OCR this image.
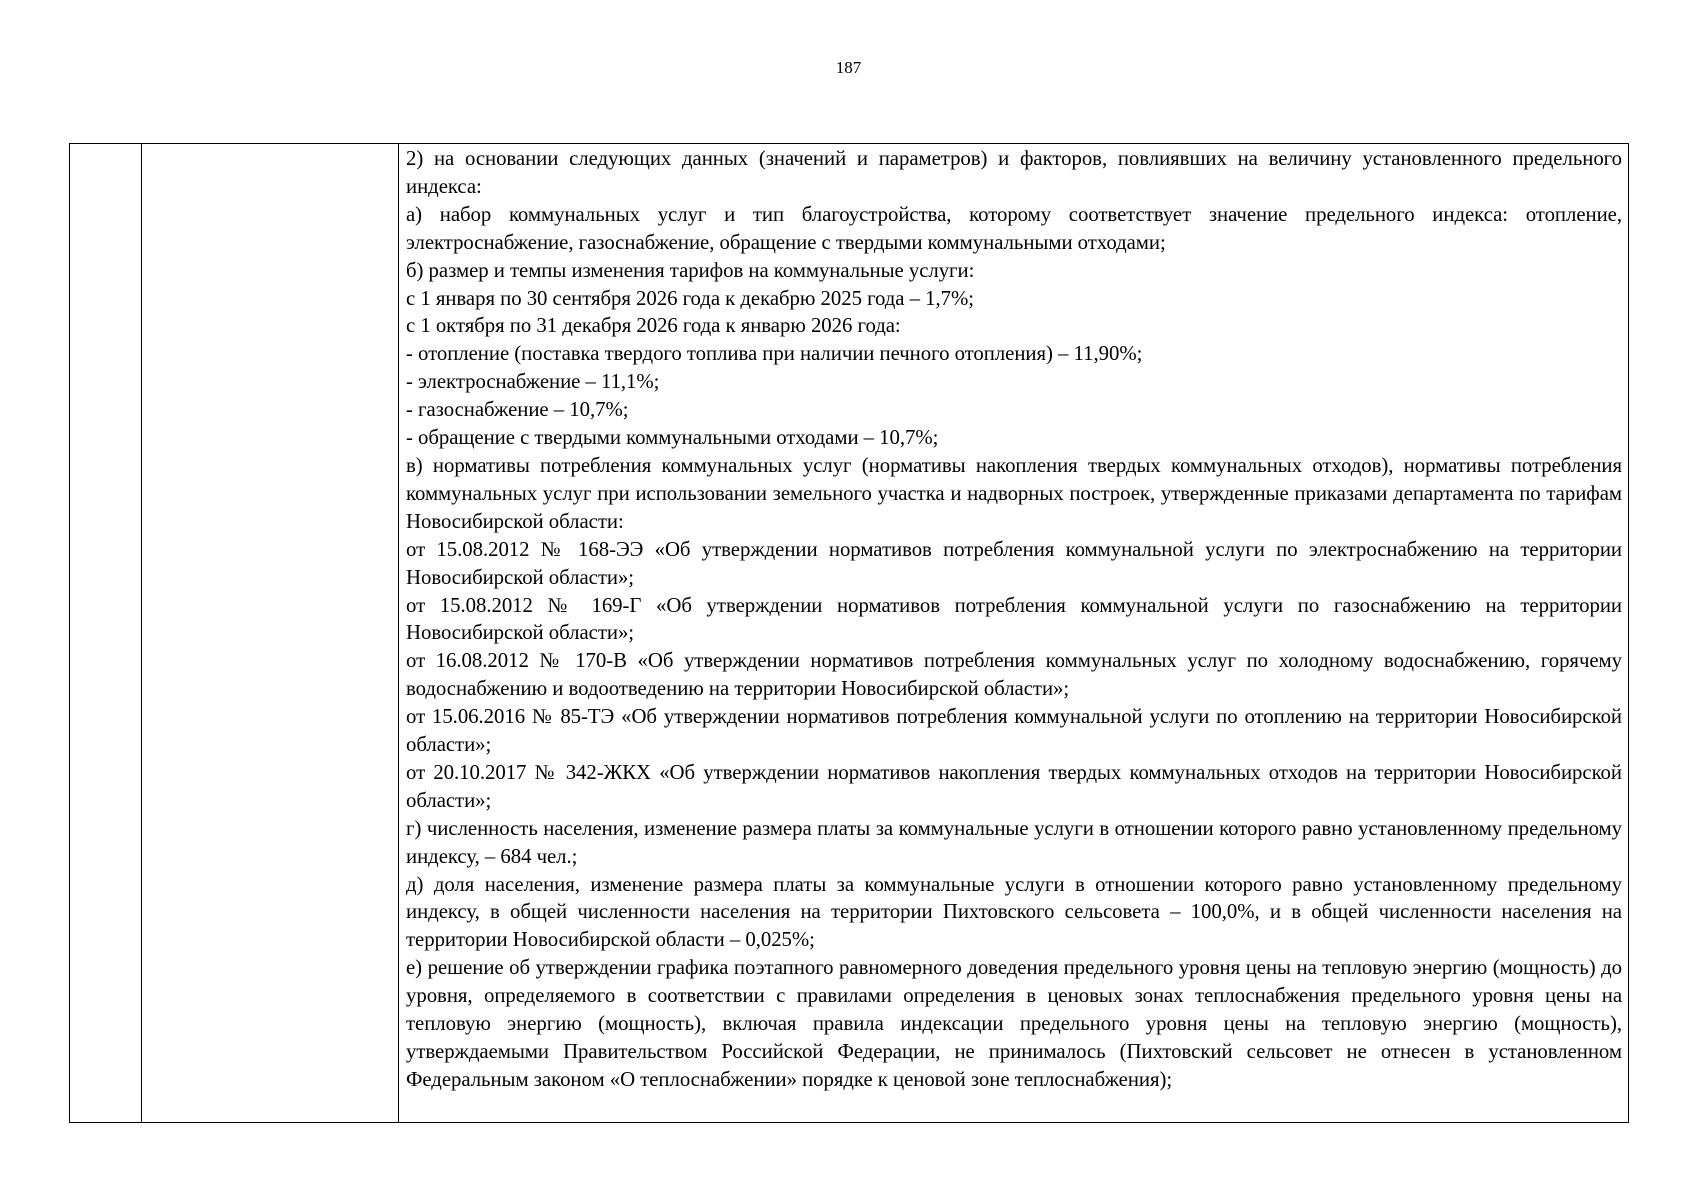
187

2) на основании следующих данных (значений и параметров) и факторов, повлиявших на величину установленного предельного индекса:

а) набор коммунальных услуг и тип благоустройства, которому соответствует значение предельного индекса: отопление, электроснабжение, газоснабжение, обращение с твердыми коммунальными отходами;

б) размер и темпы изменения тарифов на коммунальные услуги:

с 1 января по 30 сентября 2026 года к декабрю 2025 года – 1,7%;

с 1 октября по 31 декабря 2026 года к январю 2026 года:

- отопление (поставка твердого топлива при наличии печного отопления) – 11,90%;

- электроснабжение – 11,1%;

- газоснабжение – 10,7%;

- обращение с твердыми коммунальными отходами – 10,7%;

в) нормативы потребления коммунальных услуг (нормативы накопления твердых коммунальных отходов), нормативы потребления коммунальных услуг при использовании земельного участка и надворных построек, утвержденные приказами департамента по тарифам Новосибирской области:

от 15.08.2012 № 168-ЭЭ «Об утверждении нормативов потребления коммунальной услуги по электроснабжению на территории Новосибирской области»;

от 15.08.2012 № 169-Г «Об утверждении нормативов потребления коммунальной услуги по газоснабжению на территории Новосибирской области»;

от 16.08.2012 № 170-В «Об утверждении нормативов потребления коммунальных услуг по холодному водоснабжению, горячему водоснабжению и водоотведению на территории Новосибирской области»;

от 15.06.2016 № 85-ТЭ «Об утверждении нормативов потребления коммунальной услуги по отоплению на территории Новосибирской области»;

от 20.10.2017 № 342-ЖКХ «Об утверждении нормативов накопления твердых коммунальных отходов на территории Новосибирской области»;

г) численность населения, изменение размера платы за коммунальные услуги в отношении которого равно установленному предельному индексу, – 684 чел.;

д) доля населения, изменение размера платы за коммунальные услуги в отношении которого равно установленному предельному индексу, в общей численности населения на территории Пихтовского сельсовета – 100,0%, и в общей численности населения на территории Новосибирской области – 0,025%;

е) решение об утверждении графика поэтапного равномерного доведения предельного уровня цены на тепловую энергию (мощность) до уровня, определяемого в соответствии с правилами определения в ценовых зонах теплоснабжения предельного уровня цены на тепловую энергию (мощность), включая правила индексации предельного уровня цены на тепловую энергию (мощность), утверждаемыми Правительством Российской Федерации, не принималось (Пихтовский сельсовет не отнесен в установленном Федеральным законом «О теплоснабжении» порядке к ценовой зоне теплоснабжения);
